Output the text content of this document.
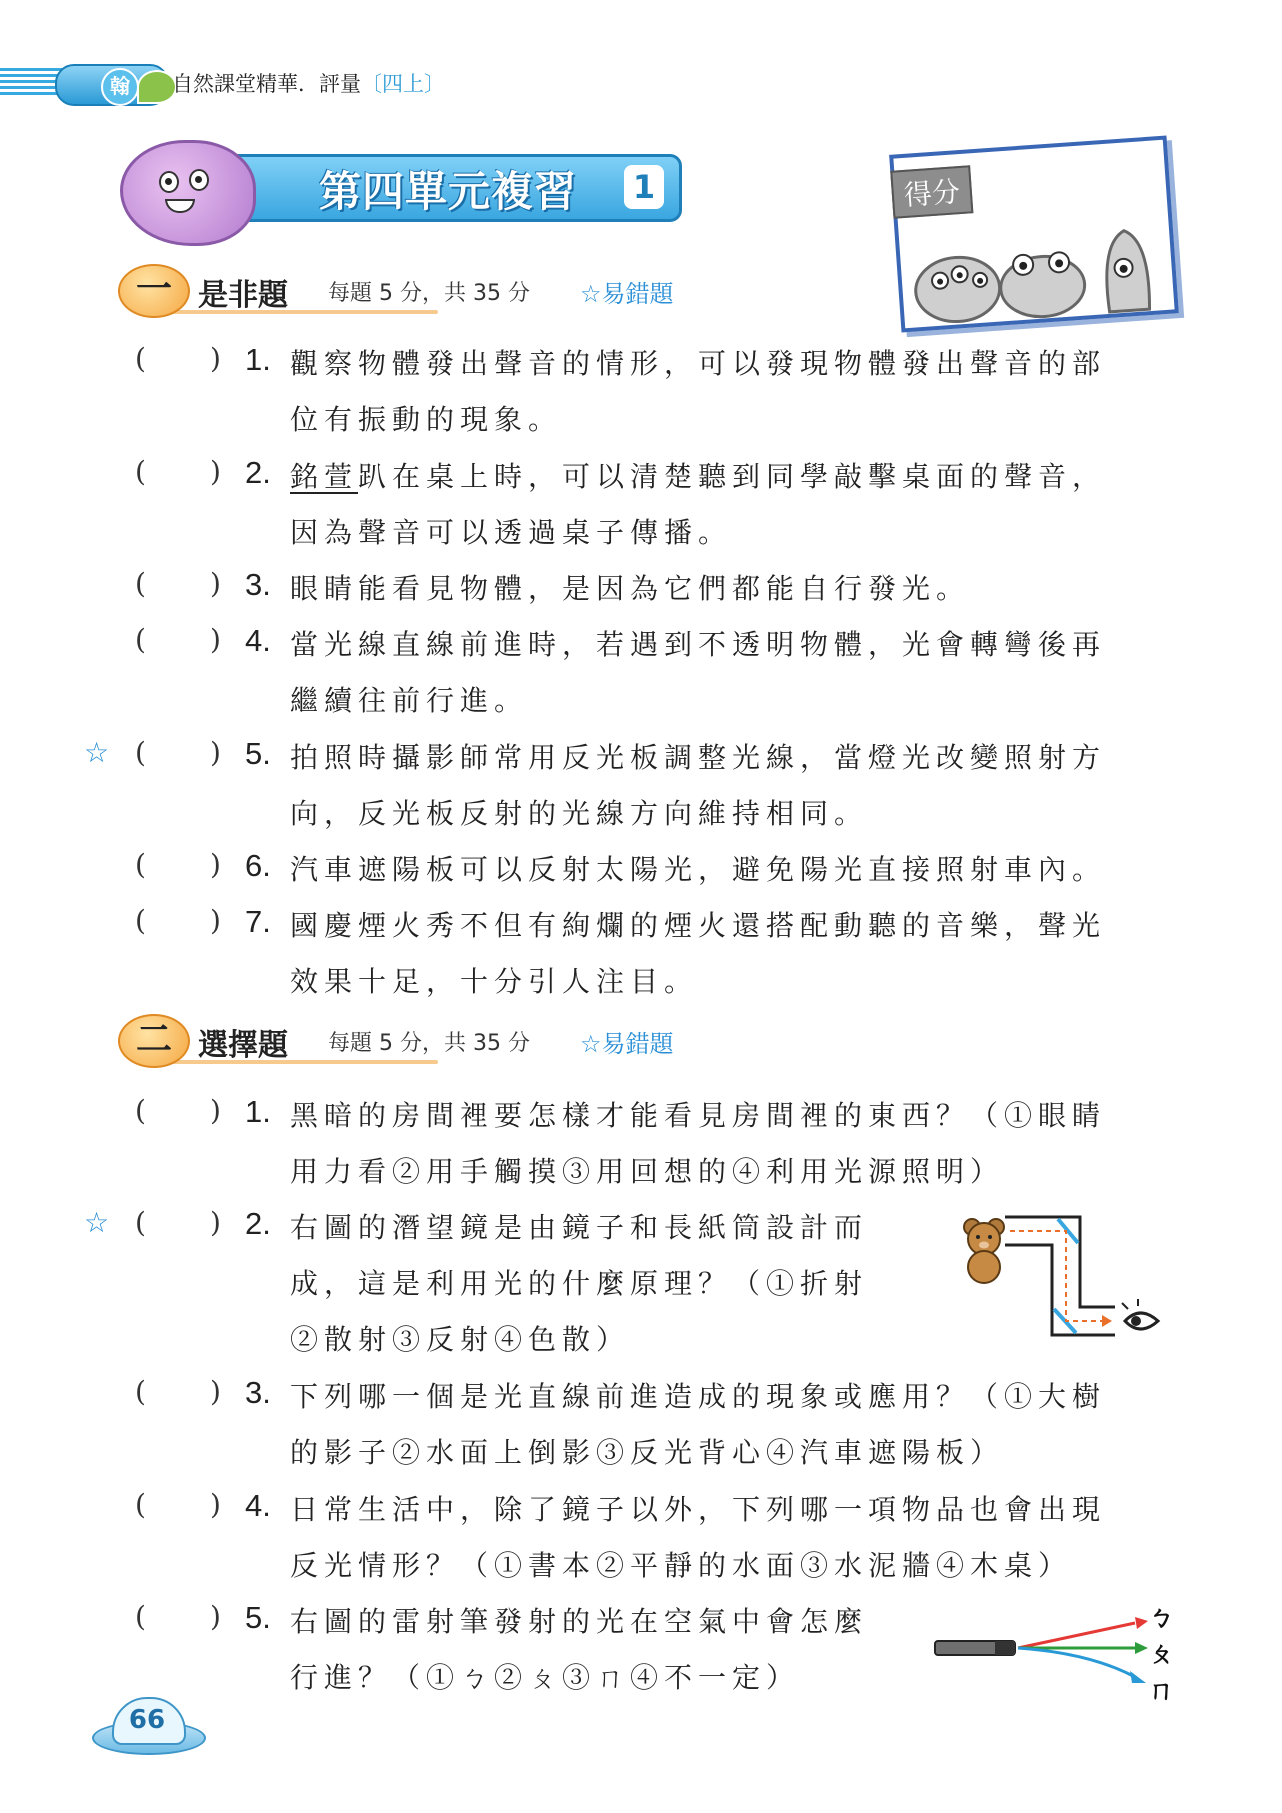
翰	自然課堂精華．評量〔四上〕
第四單元複習 1	得分
一 是非題 每題 5 分，共 35 分 ☆易錯題
( ) 1. 觀察物體發出聲音的情形，可以發現物體發出聲音的部
位有振動的現象。
( ) 2. 銘萱趴在桌上時，可以清楚聽到同學敲擊桌面的聲音，
因為聲音可以透過桌子傳播。
( ) 3. 眼睛能看見物體，是因為它們都能自行發光。
( ) 4. 當光線直線前進時，若遇到不透明物體，光會轉彎後再
繼續往前行進。
☆ ( ) 5. 拍照時攝影師常用反光板調整光線，當燈光改變照射方
向，反光板反射的光線方向維持相同。
( ) 6. 汽車遮陽板可以反射太陽光，避免陽光直接照射車內。
( ) 7. 國慶煙火秀不但有絢爛的煙火還搭配動聽的音樂，聲光
效果十足，十分引人注目。
二 選擇題 每題 5 分，共 35 分 ☆易錯題
( ) 1. 黑暗的房間裡要怎樣才能看見房間裡的東西？（①眼睛
用力看②用手觸摸③用回想的④利用光源照明）
☆ ( ) 2. 右圖的潛望鏡是由鏡子和長紙筒設計而
成，這是利用光的什麼原理？（①折射
②散射③反射④色散）
( ) 3. 下列哪一個是光直線前進造成的現象或應用？（①大樹
的影子②水面上倒影③反光背心④汽車遮陽板）
( ) 4. 日常生活中，除了鏡子以外，下列哪一項物品也會出現
反光情形？（①書本②平靜的水面③水泥牆④木桌）
( ) 5. 右圖的雷射筆發射的光在空氣中會怎麼
行進？（①ㄅ②ㄆ③ㄇ④不一定）
ㄅ
ㄆ
ㄇ
66
